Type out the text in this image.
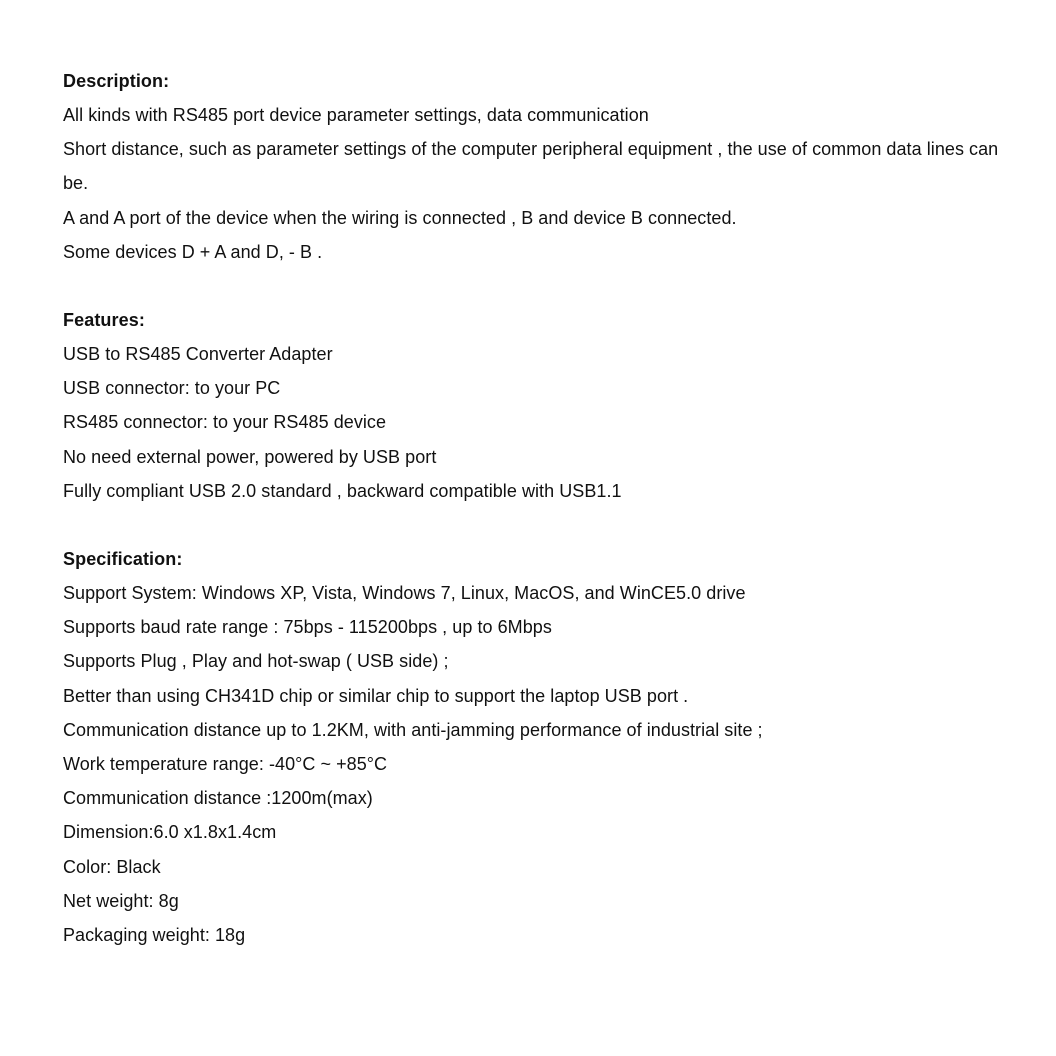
Description:

All kinds with RS485 port device parameter settings, data communication

Short distance, such as parameter settings of the computer peripheral equipment , the use of common data lines can be.

A and A port of the device when the wiring is connected , B and device B connected.

Some devices D + A and D, - B .

Features:

USB to RS485 Converter Adapter

USB connector: to your PC

RS485 connector: to your RS485 device

No need external power, powered by USB port

Fully compliant USB 2.0 standard , backward compatible with USB1.1

Specification:

Support System: Windows XP, Vista, Windows 7, Linux, MacOS, and WinCE5.0 drive

Supports baud rate range : 75bps - 115200bps , up to 6Mbps

Supports Plug , Play and hot-swap ( USB side) ;

Better than using CH341D chip or similar chip to support the laptop USB port .

Communication distance up to 1.2KM, with anti-jamming performance of industrial site ;

Work temperature range: -40°C ~ +85°C

Communication distance :1200m(max)

Dimension:6.0 x1.8x1.4cm

Color: Black

Net weight: 8g

Packaging weight: 18g
